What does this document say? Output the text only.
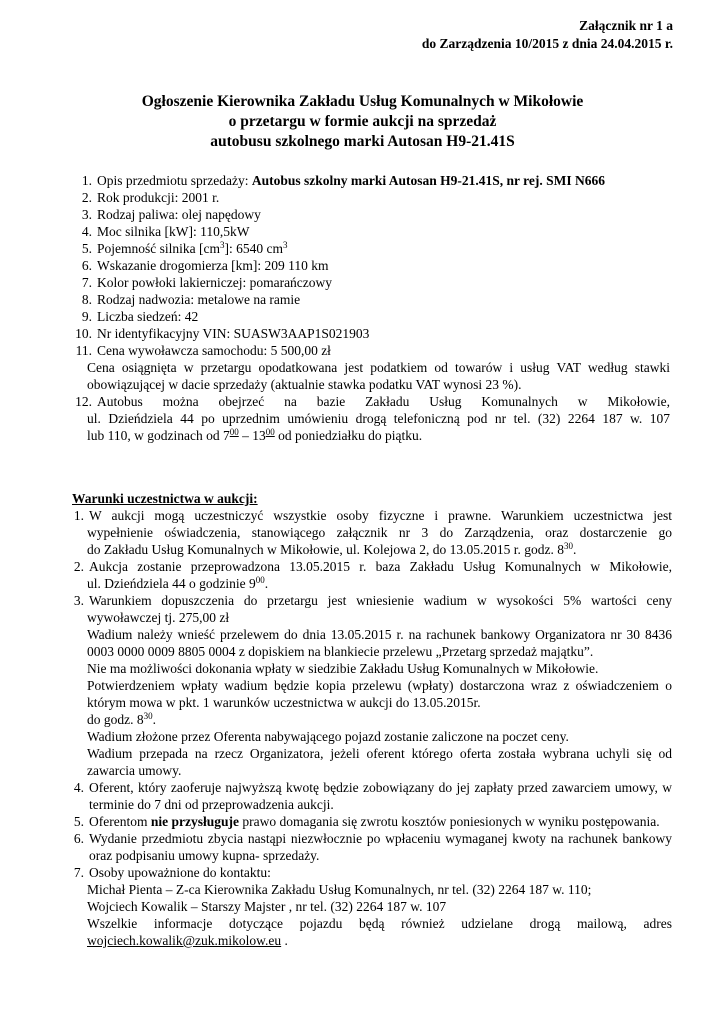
Załącznik nr 1 a
do Zarządzenia 10/2015 z dnia 24.04.2015 r.
Ogłoszenie Kierownika Zakładu Usług Komunalnych w Mikołowie
o przetargu w formie aukcji na sprzedaż
autobusu szkolnego marki Autosan H9-21.41S
1. Opis przedmiotu sprzedaży: Autobus szkolny marki Autosan H9-21.41S, nr rej. SMI N666
2. Rok produkcji: 2001 r.
3. Rodzaj paliwa: olej napędowy
4. Moc silnika [kW]: 110,5kW
5. Pojemność silnika $[cm^3]$: 6540 $cm^3$
6. Wskazanie drogomierza [km]: 209 110 km
7. Kolor powłoki lakierniczej: pomarańczowy
8. Rodzaj nadwozia: metalowe na ramie
9. Liczba siedzeń: 42
10. Nr identyfikacyjny VIN: SUASW3AAP1S021903
11. Cena wywoławcza samochodu: 5 500,00 zł
Cena osiągnięta w przetargu opodatkowana jest podatkiem od towarów i usług VAT według stawki obowiązującej w dacie sprzedaży (aktualnie stawka podatku VAT wynosi 23 %).
12. Autobus można obejrzeć na bazie Zakładu Usług Komunalnych w Mikołowie,
ul. Dzieńdziela 44 po uprzednim umówieniu drogą telefoniczną pod nr tel. (32) 2264 187 w. 107
lub 110, w godzinach od $7^{00} - 13^{00}$ od poniedziałku do piątku.
Warunki uczestnictwa w aukcji:
1. W aukcji mogą uczestniczyć wszystkie osoby fizyczne i prawne. Warunkiem uczestnictwa jest
wypełnienie oświadczenia, stanowiącego załącznik nr 3 do Zarządzenia, oraz dostarczenie go
do Zakładu Usług Komunalnych w Mikołowie, ul. Kolejowa 2, do 13.05.2015 r. godz. $8^{30}$.
2. Aukcja zostanie przeprowadzona 13.05.2015 r. baza Zakładu Usług Komunalnych w Mikołowie,
ul. Dzieńdziela 44 o godzinie $9^{00}$.
3. Warunkiem dopuszczenia do przetargu jest wniesienie wadium w wysokości 5% wartości ceny
wywoławczej tj. 275,00 zł
Wadium należy wnieść przelewem do dnia 13.05.2015 r. na rachunek bankowy Organizatora nr 30 8436 0003 0000 0009 8805 0004 z dopiskiem na blankiecie przelewu „Przetarg sprzedaż majątku”.
Nie ma możliwości dokonania wpłaty w siedzibie Zakładu Usług Komunalnych w Mikołowie.
Potwierdzeniem wpłaty wadium będzie kopia przelewu (wpłaty) dostarczona wraz z oświadczeniem o którym mowa w pkt. 1 warunków uczestnictwa w aukcji do 13.05.2015r.
do godz. $8^{30}$.
Wadium złożone przez Oferenta nabywającego pojazd zostanie zaliczone na poczet ceny.
Wadium przepada na rzecz Organizatora, jeżeli oferent którego oferta została wybrana uchyli się od zawarcia umowy.
4. Oferent, który zaoferuje najwyższą kwotę będzie zobowiązany do jej zapłaty przed zawarciem umowy, w terminie do 7 dni od przeprowadzenia aukcji.
5. Oferentom nie przysługuje prawo domagania się zwrotu kosztów poniesionych w wyniku postępowania.
6. Wydanie przedmiotu zbycia nastąpi niezwłocznie po wpłaceniu wymaganej kwoty na rachunek bankowy oraz podpisaniu umowy kupna- sprzedaży.
7. Osoby upoważnione do kontaktu:
Michał Pienta – Z-ca Kierownika Zakładu Usług Komunalnych, nr tel. (32) 2264 187 w. 110;
Wojciech Kowalik – Starszy Majster , nr tel. (32) 2264 187 w. 107
Wszelkie informacje dotyczące pojazdu będą również udzielane drogą mailową, adres
wojciech.kowalik@zuk.mikolow.eu .
